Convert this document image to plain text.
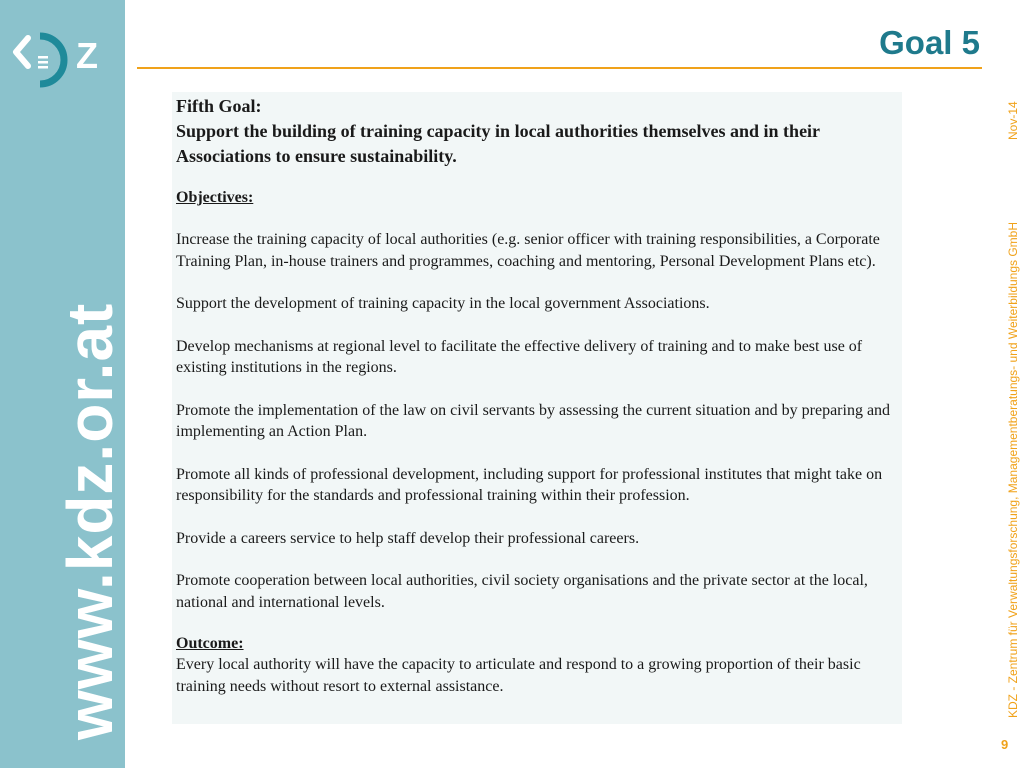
Z
www.kdz.or.at
Goal 5

Fifth Goal:

Support the building of training capacity in local authorities themselves and in their Associations to ensure sustainability.

Objectives:

Increase the training capacity of local authorities (e.g. senior officer with training responsibilities, a Corporate Training Plan, in-house trainers and programmes, coaching and mentoring, Personal Development Plans etc).

Support the development of training capacity in the local government Associations.

Develop mechanisms at regional level to facilitate the effective delivery of training and to make best use of existing institutions in the regions.

Promote the implementation of the law on civil servants by assessing the current situation and by preparing and implementing an Action Plan.

Promote all kinds of professional development, including support for professional institutes that might take on responsibility for the standards and professional training within their profession.

Provide a careers service to help staff develop their professional careers.

Promote cooperation between local authorities, civil society organisations and the private sector at the local, national and international levels.

Outcome:

Every local authority will have the capacity to articulate and respond to a growing proportion of their basic training needs without resort to external assistance.

Nov-14
KDZ - Zentrum für Verwaltungsforschung, Managementberatungs- und Weiterbildungs GmbH
9
